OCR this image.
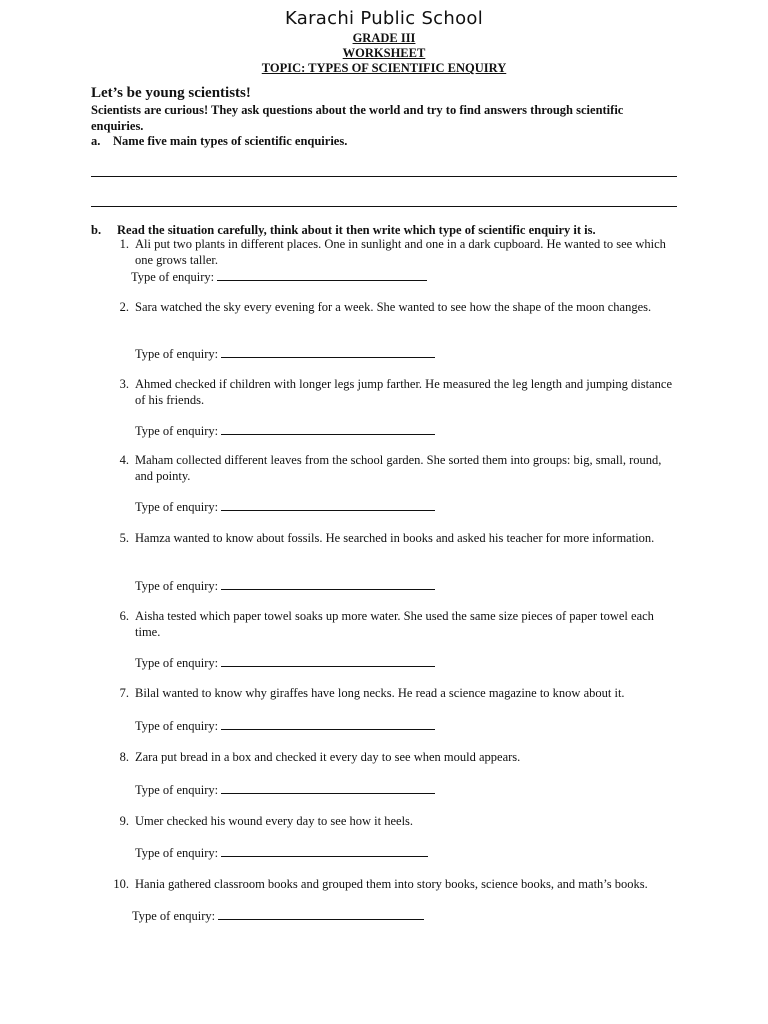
Karachi Public School
GRADE III
WORKSHEET
TOPIC: TYPES OF SCIENTIFIC ENQUIRY
Let’s be young scientists!
Scientists are curious! They ask questions about the world and try to find answers through scientific enquiries.
a. Name five main types of scientific enquiries.
b. Read the situation carefully, think about it then write which type of scientific enquiry it is.
1. Ali put two plants in different places. One in sunlight and one in a dark cupboard. He wanted to see which one grows taller.
Type of enquiry:
2. Sara watched the sky every evening for a week. She wanted to see how the shape of the moon changes.
Type of enquiry:
3. Ahmed checked if children with longer legs jump farther. He measured the leg length and jumping distance of his friends.
Type of enquiry:
4. Maham collected different leaves from the school garden. She sorted them into groups: big, small, round, and pointy.
Type of enquiry:
5. Hamza wanted to know about fossils. He searched in books and asked his teacher for more information.
Type of enquiry:
6. Aisha tested which paper towel soaks up more water. She used the same size pieces of paper towel each time.
Type of enquiry:
7. Bilal wanted to know why giraffes have long necks. He read a science magazine to know about it.
Type of enquiry:
8. Zara put bread in a box and checked it every day to see when mould appears.
Type of enquiry:
9. Umer checked his wound every day to see how it heels.
Type of enquiry:
10. Hania gathered classroom books and grouped them into story books, science books, and math’s books.
Type of enquiry:
